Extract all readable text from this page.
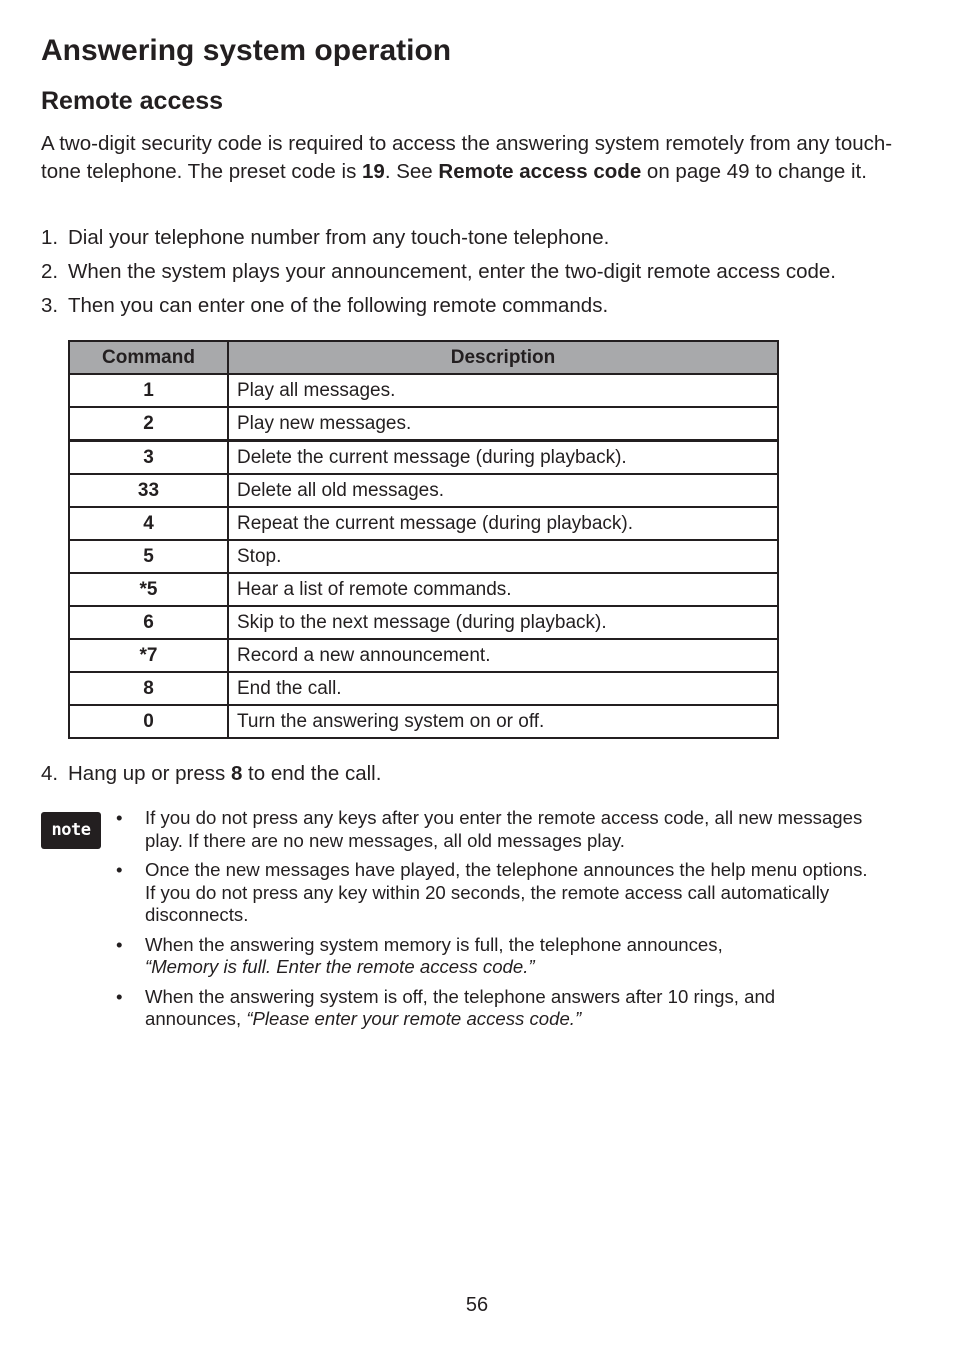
Answering system operation
Remote access

A two-digit security code is required to access the answering system remotely from any touch-tone telephone. The preset code is 19. See Remote access code on page 49 to change it.

1. Dial your telephone number from any touch-tone telephone.
2. When the system plays your announcement, enter the two-digit remote access code.
3. Then you can enter one of the following remote commands.
Command	Description
1	Play all messages.
2	Play new messages.
3	Delete the current message (during playback).
33	Delete all old messages.
4	Repeat the current message (during playback).
5	Stop.
*5	Hear a list of remote commands.
6	Skip to the next message (during playback).
*7	Record a new announcement.
8	End the call.
0	Turn the answering system on or off.
4. Hang up or press 8 to end the call.
note
• If you do not press any keys after you enter the remote access code, all new messages play. If there are no new messages, all old messages play.
• Once the new messages have played, the telephone announces the help menu options. If you do not press any key within 20 seconds, the remote access call automatically disconnects.
• When the answering system memory is full, the telephone announces,
“Memory is full. Enter the remote access code.”
• When the answering system is off, the telephone answers after 10 rings, and announces, “Please enter your remote access code.”
56
